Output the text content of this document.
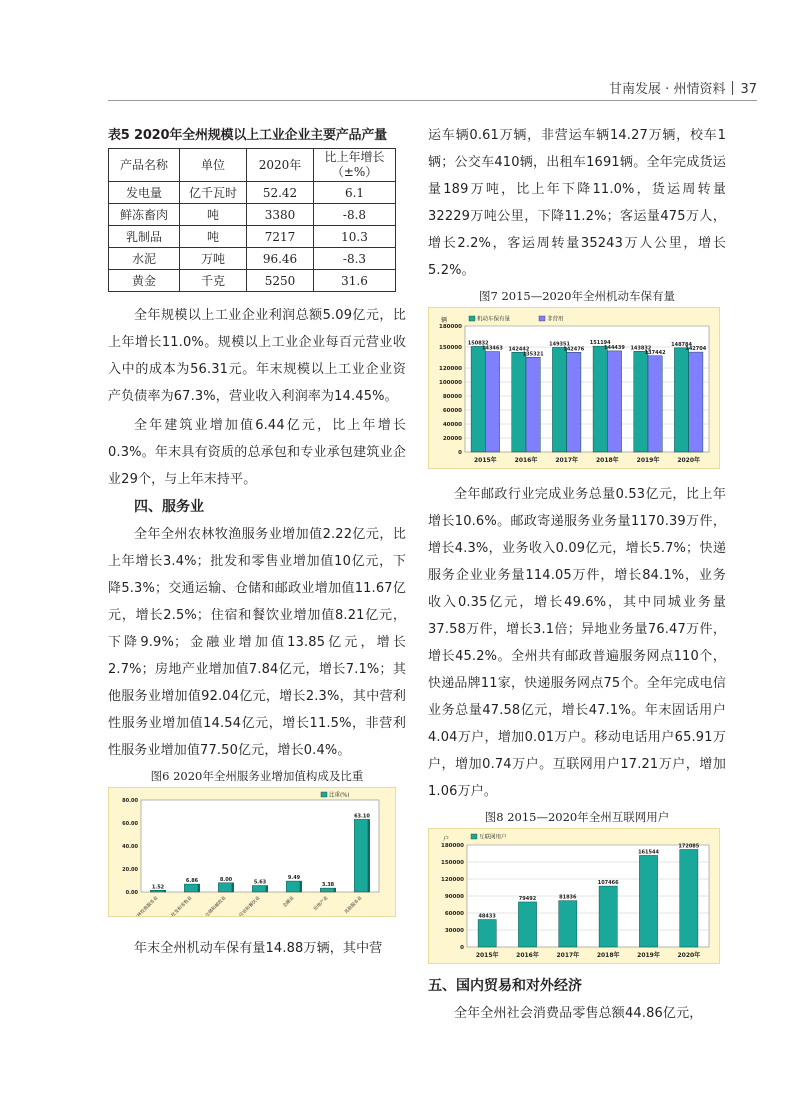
甘南发展 · 州情资料 37
表5 2020年全州规模以上工业企业主要产品产量
产品名称	单位	2020年	比上年增长（±%）
发电量	亿千瓦时	52.42	6.1
鲜冻畜肉	吨	3380	-8.8
乳制品	吨	7217	10.3
水泥	万吨	96.46	-8.3
黄金	千克	5250	31.6

全年规模以上工业企业利润总额5.09亿元，比上年增长11.0%。规模以上工业企业每百元营业收入中的成本为56.31元。年末规模以上工业企业资产负债率为67.3%，营业收入利润率为14.45%。

全年建筑业增加值6.44亿元，比上年增长0.3%。年末具有资质的总承包和专业承包建筑业企业29个，与上年末持平。

四、服务业

全年全州农林牧渔服务业增加值2.22亿元，比上年增长3.4%；批发和零售业增加值10亿元，下降5.3%；交通运输、仓储和邮政业增加值11.67亿元，增长2.5%；住宿和餐饮业增加值8.21亿元，下降9.9%；金融业增加值13.85亿元，增长2.7%；房地产业增加值7.84亿元，增长7.1%；其他服务业增加值92.04亿元，增长2.3%，其中营利性服务业增加值14.54亿元，增长11.5%，非营利性服务业增加值77.50亿元，增长0.4%。

图6 2020年全州服务业增加值构成及比重
0.00
20.00
40.00
60.00
80.00
1.52
6.86	8.00	5.63
9.49
3.38
63.10
农林牧渔服务业	批发和零售业
交通运输、仓储和邮政业	住宿和餐饮业	金融业	房地产业	其他服务业
比重(%)

年末全州机动车保有量14.88万辆，其中营

运车辆0.61万辆，非营运车辆14.27万辆，校车1辆；公交车410辆，出租车1691辆。全年完成货运量189万吨，比上年下降11.0%，货运周转量32229万吨公里，下降11.2%；客运量475万人，增长2.2%，客运周转量35243万人公里，增长5.2%。

图7 2015—2020年全州机动车保有量
0
20000
40000
60000
80000
100000
120000
150000
180000
辆
150832
142442
149351	151194
143832
148784
143463
135321
142476	144439
137442
142704
2015年	2016年	2017年	2018年	2019年	2020年
机动车保有量	非营用

全年邮政行业完成业务总量0.53亿元，比上年增长10.6%。邮政寄递服务业务量1170.39万件，增长4.3%，业务收入0.09亿元，增长5.7%；快递服务企业业务量114.05万件，增长84.1%，业务收入0.35亿元，增长49.6%，其中同城业务量37.58万件，增长3.1倍；异地业务量76.47万件，增长45.2%。全州共有邮政普遍服务网点110个，快递品牌11家，快递服务网点75个。全年完成电信业务总量47.58亿元，增长47.1%。年末固话用户4.04万户，增加0.01万户。移动电话用户65.91万户，增加0.74万户。互联网用户17.21万户，增加1.06万户。

图8 2015—2020年全州互联网用户
0
30000
60000
90000
120000
150000
180000
户
48433
79492	81836
107466
161544
172085
2015年	2016年	2017年	2018年	2019年	2020年
互联网用户

五、国内贸易和对外经济

全年全州社会消费品零售总额44.86亿元，
